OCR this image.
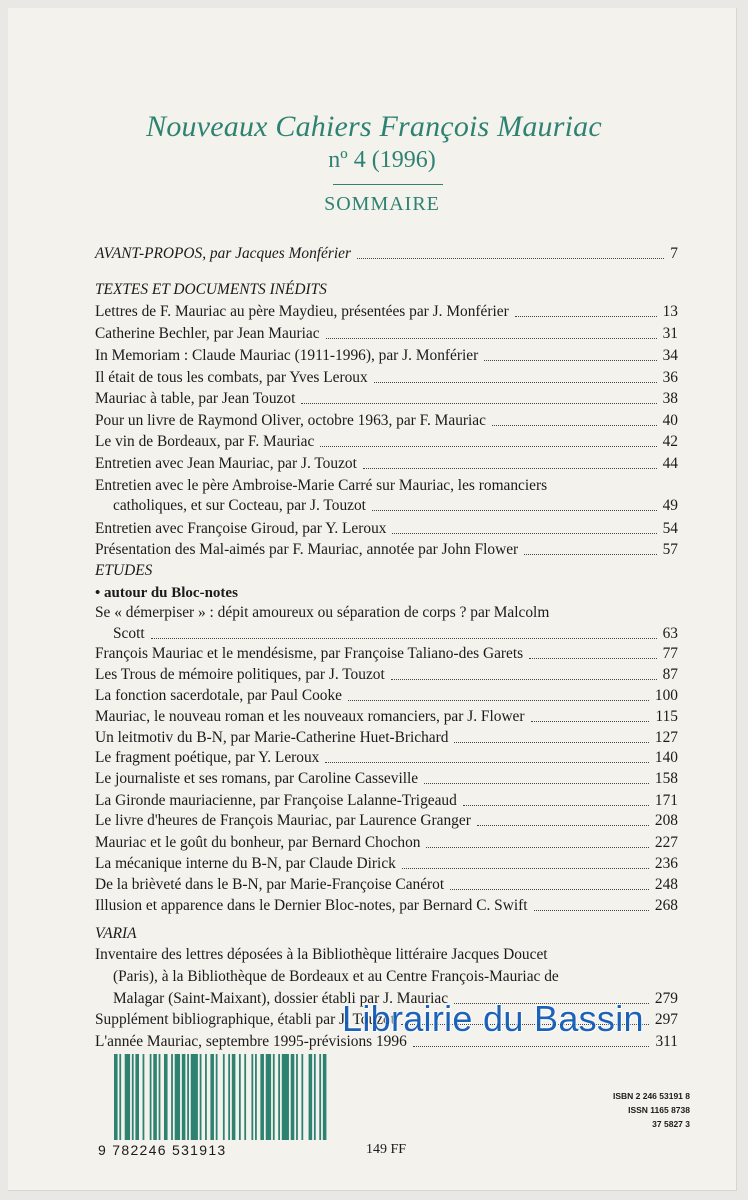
Nouveaux Cahiers François Mauriac
nº 4 (1996)
SOMMAIRE
AVANT-PROPOS, par Jacques Monférier	7
TEXTES ET DOCUMENTS INÉDITS
Lettres de F. Mauriac au père Maydieu, présentées par J. Monférier	13
Catherine Bechler, par Jean Mauriac	31
In Memoriam : Claude Mauriac (1911-1996), par J. Monférier	34
Il était de tous les combats, par Yves Leroux	36
Mauriac à table, par Jean Touzot	38
Pour un livre de Raymond Oliver, octobre 1963, par F. Mauriac	40
Le vin de Bordeaux, par F. Mauriac	42
Entretien avec Jean Mauriac, par J. Touzot	44
Entretien avec le père Ambroise-Marie Carré sur Mauriac, les romanciers
catholiques, et sur Cocteau, par J. Touzot	49
Entretien avec Françoise Giroud, par Y. Leroux	54
Présentation des Mal-aimés par F. Mauriac, annotée par John Flower	57
ETUDES
• autour du Bloc-notes
Se « démerpiser » : dépit amoureux ou séparation de corps ? par Malcolm
Scott	63
François Mauriac et le mendésisme, par Françoise Taliano-des Garets	77
Les Trous de mémoire politiques, par J. Touzot	87
La fonction sacerdotale, par Paul Cooke	100
Mauriac, le nouveau roman et les nouveaux romanciers, par J. Flower	115
Un leitmotiv du B-N, par Marie-Catherine Huet-Brichard	127
Le fragment poétique, par Y. Leroux	140
Le journaliste et ses romans, par Caroline Casseville	158
La Gironde mauriacienne, par Françoise Lalanne-Trigeaud	171
Le livre d'heures de François Mauriac, par Laurence Granger	208
Mauriac et le goût du bonheur, par Bernard Chochon	227
La mécanique interne du B-N, par Claude Dirick	236
De la brièveté dans le B-N, par Marie-Françoise Canérot	248
Illusion et apparence dans le Dernier Bloc-notes, par Bernard C. Swift	268
VARIA
Inventaire des lettres déposées à la Bibliothèque littéraire Jacques Doucet
(Paris), à la Bibliothèque de Bordeaux et au Centre François-Mauriac de
Malagar (Saint-Maixant), dossier établi par J. Mauriac	279
Supplément bibliographique, établi par J. Touzot	297
L'année Mauriac, septembre 1995-prévisions 1996	311
9 782246 531913	149 FF
ISBN 2 246 53191 8
ISSN 1165 8738
37 5827 3
Librairie du Bassin
